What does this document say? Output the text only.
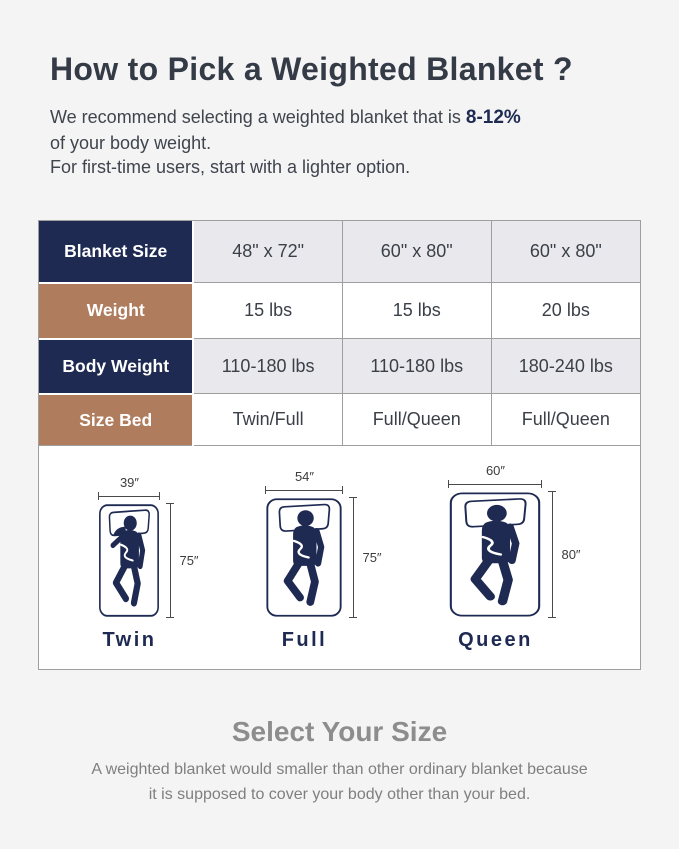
How to Pick a Weighted Blanket ?

We recommend selecting a weighted blanket that is 8-12%
of your body weight.
For first-time users, start with a lighter option.

Blanket Size	48" x 72"	60" x 80"	60" x 80"
Weight	15 lbs	15 lbs	20 lbs
Body Weight	110-180 lbs	110-180 lbs	180-240 lbs
Size Bed	Twin/Full	Full/Queen	Full/Queen
39″
75″
Twin
54″
75″
Full
60″
80″
Queen
Select Your Size

A weighted blanket would smaller than other ordinary blanket because
it is supposed to cover your body other than your bed.
